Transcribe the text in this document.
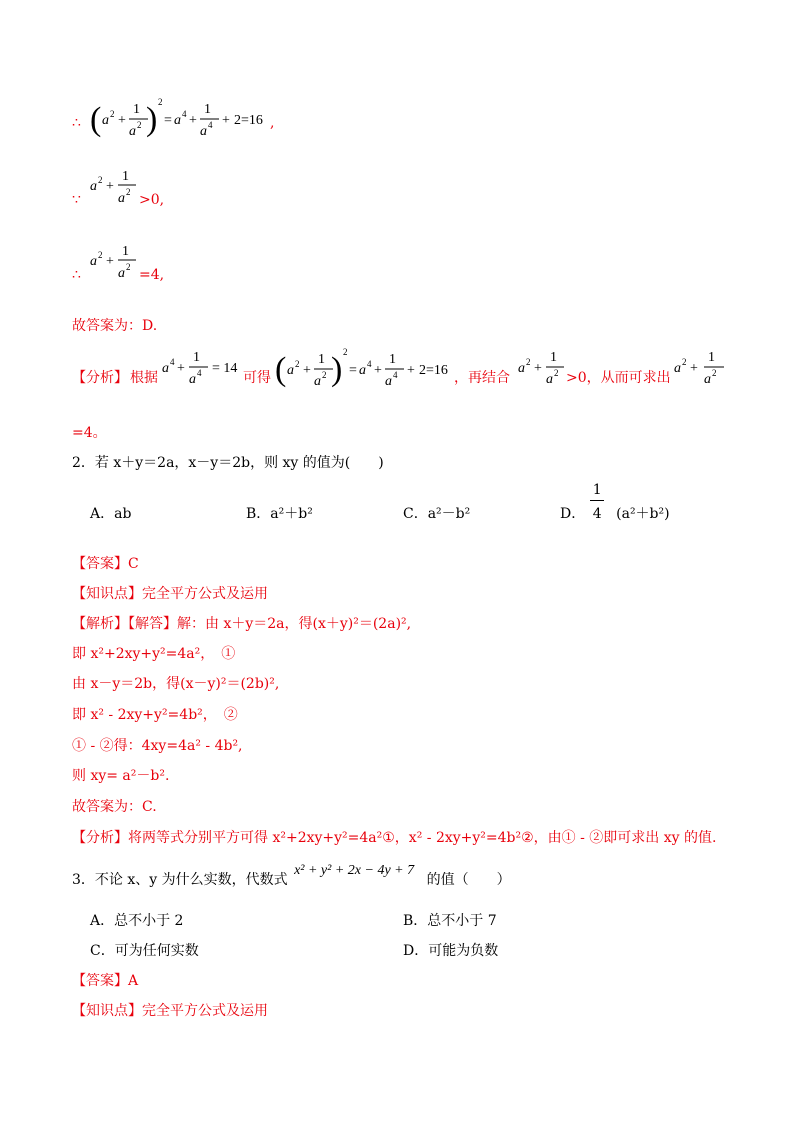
∴ ( a 2 +
1
a 2 ) 2
= a 4 +
1
a 4 + 2=16 ,
∵
a 2 +
1
a 2 >0,
∴
a 2 +
1
a 2 =4,
故答案为：D.
【分析】 根据
a 4 +
1
a 4 = 14
可得 ( a 2 +
1
a 2 ) 2
= a 4 +
1
a 4 + 2=16 ，再结合
a 2 +
1
a 2 >0，从而可求出
a 2 +
1
a 2
=4。
2．若 x＋y＝2a，x－y＝2b，则 xy 的值为(　　)
A．ab	B．a²＋b²	C．a²－b²	D． $\frac{1}{4} (a^2+b^2)$
【答案】C
【知识点】完全平方公式及运用
【解析】【解答】解：由 x＋y＝2a，得(x＋y)²＝(2a)²,
即 x²+2xy+y²=4a²，　①
由 x－y＝2b，得(x－y)²＝(2b)²,
即 x² - 2xy+y²=4b²，　②
① - ②得：4xy=4a² - 4b²,
则 xy= a²－b².
故答案为：C.
【分析】将两等式分别平方可得 x²+2xy+y²=4a²①，x² - 2xy+y²=4b²②，由① - ②即可求出 xy 的值.
3．不论 x、y 为什么实数，代数式 x² + y² + 2x − 4y + 7 的值（　　）
A．总不小于 2	B．总不小于 7
C．可为任何实数	D．可能为负数
【答案】A
【知识点】完全平方公式及运用
